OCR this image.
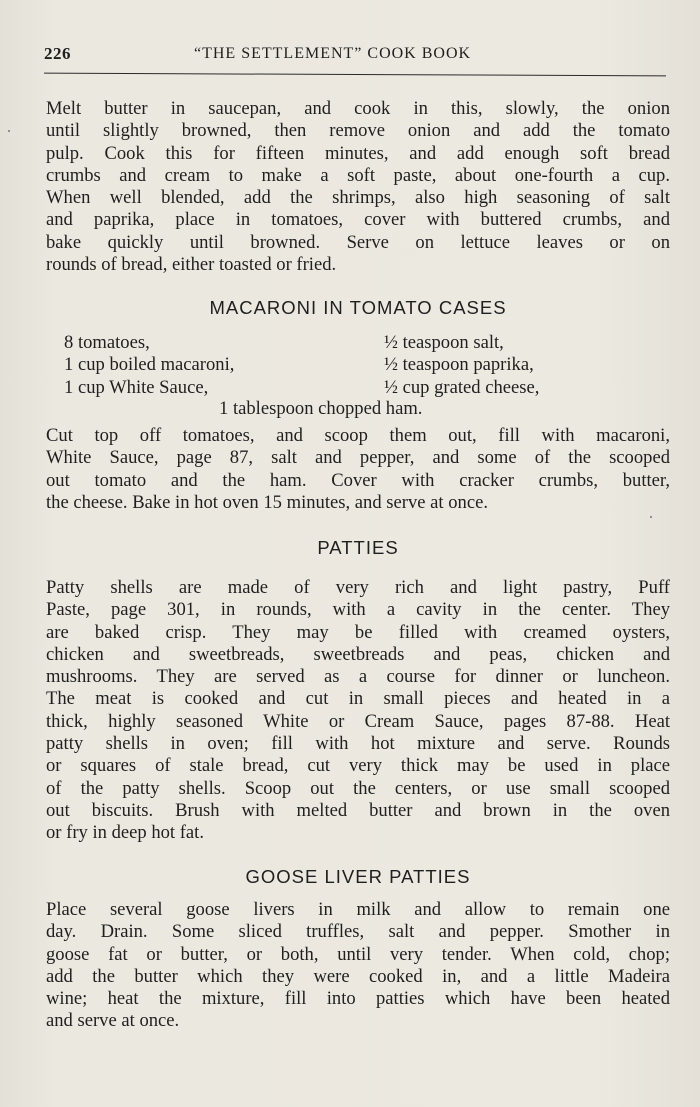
226	“THE SETTLEMENT” COOK BOOK
Melt butter in saucepan, and cook in this, slowly, the onion
until slightly browned, then remove onion and add the tomato
pulp. Cook this for fifteen minutes, and add enough soft bread
crumbs and cream to make a soft paste, about one-fourth a cup.
When well blended, add the shrimps, also high seasoning of salt
and paprika, place in tomatoes, cover with buttered crumbs, and
bake quickly until browned. Serve on lettuce leaves or on
rounds of bread, either toasted or fried.
MACARONI IN TOMATO CASES
8 tomatoes,
1 cup boiled macaroni,
1 cup White Sauce,
½ teaspoon salt,
½ teaspoon paprika,
½ cup grated cheese,
1 tablespoon chopped ham.
Cut top off tomatoes, and scoop them out, fill with macaroni,
White Sauce, page 87, salt and pepper, and some of the scooped
out tomato and the ham. Cover with cracker crumbs, butter,
the cheese. Bake in hot oven 15 minutes, and serve at once.
PATTIES
Patty shells are made of very rich and light pastry, Puff
Paste, page 301, in rounds, with a cavity in the center. They
are baked crisp. They may be filled with creamed oysters,
chicken and sweetbreads, sweetbreads and peas, chicken and
mushrooms. They are served as a course for dinner or luncheon.
The meat is cooked and cut in small pieces and heated in a
thick, highly seasoned White or Cream Sauce, pages 87-88. Heat
patty shells in oven; fill with hot mixture and serve. Rounds
or squares of stale bread, cut very thick may be used in place
of the patty shells. Scoop out the centers, or use small scooped
out biscuits. Brush with melted butter and brown in the oven
or fry in deep hot fat.
GOOSE LIVER PATTIES
Place several goose livers in milk and allow to remain one
day. Drain. Some sliced truffles, salt and pepper. Smother in
goose fat or butter, or both, until very tender. When cold, chop;
add the butter which they were cooked in, and a little Madeira
wine; heat the mixture, fill into patties which have been heated
and serve at once.
